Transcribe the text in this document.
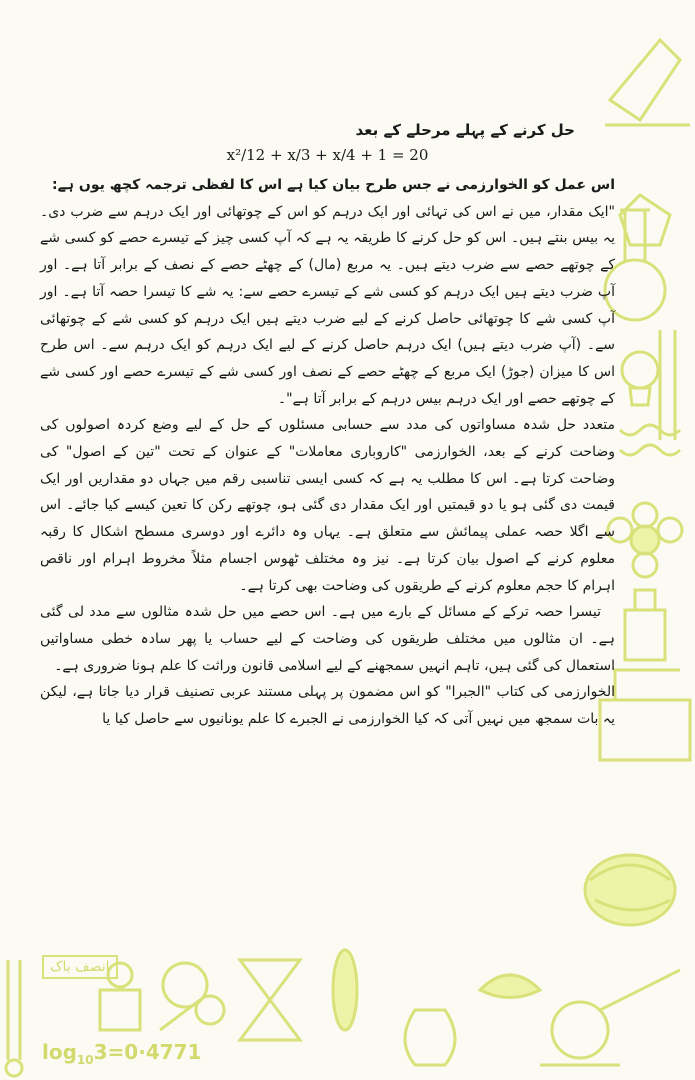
انصف باک
$\log_{10}3=0\cdot 4771$

حل کرنے کے پہلے مرحلے کے بعد

x²/12 + x/3 + x/4 + 1 = 20

اس عمل کو الخوارزمی نے جس طرح بیان کیا ہے اس کا لفظی ترجمہ کچھ یوں ہے:

"ایک مقدار، میں نے اس کی تہائی اور ایک درہم کو اس کے چوتھائی اور ایک درہم سے ضرب دی۔ یہ بیس بنتے ہیں۔ اس کو حل کرنے کا طریقہ یہ ہے کہ آپ کسی چیز کے تیسرے حصے کو کسی شے کے چوتھے حصے سے ضرب دیتے ہیں۔ یہ مربع (مال) کے چھٹے حصے کے نصف کے برابر آتا ہے۔ اور آپ ضرب دیتے ہیں ایک درہم کو کسی شے کے تیسرے حصے سے: یہ شے کا تیسرا حصہ آتا ہے۔ اور آپ کسی شے کا چوتھائی حاصل کرنے کے لیے ضرب دیتے ہیں ایک درہم کو کسی شے کے چوتھائی سے۔ (آپ ضرب دیتے ہیں) ایک درہم حاصل کرنے کے لیے ایک درہم کو ایک درہم سے۔ اس طرح اس کا میزان (جوڑ) ایک مربع کے چھٹے حصے کے نصف اور کسی شے کے تیسرے حصے اور کسی شے کے چوتھے حصے اور ایک درہم بیس درہم کے برابر آتا ہے"۔

متعدد حل شدہ مساواتوں کی مدد سے حسابی مسئلوں کے حل کے لیے وضع کردہ اصولوں کی وضاحت کرنے کے بعد، الخوارزمی "کاروباری معاملات" کے عنوان کے تحت "تین کے اصول" کی وضاحت کرتا ہے۔ اس کا مطلب یہ ہے کہ کسی ایسی تناسبی رقم میں جہاں دو مقداریں اور ایک قیمت دی گئی ہو یا دو قیمتیں اور ایک مقدار دی گئی ہو، چوتھے رکن کا تعین کیسے کیا جائے۔ اس سے اگلا حصہ عملی پیمائش سے متعلق ہے۔ یہاں وہ دائرے اور دوسری مسطح اشکال کا رقبہ معلوم کرنے کے اصول بیان کرتا ہے۔ نیز وہ مختلف ٹھوس اجسام مثلاً مخروط اہرام اور ناقص اہرام کا حجم معلوم کرنے کے طریقوں کی وضاحت بھی کرتا ہے۔

تیسرا حصہ ترکے کے مسائل کے بارے میں ہے۔ اس حصے میں حل شدہ مثالوں سے مدد لی گئی ہے۔ ان مثالوں میں مختلف طریقوں کی وضاحت کے لیے حساب یا پھر سادہ خطی مساواتیں استعمال کی گئی ہیں، تاہم انہیں سمجھنے کے لیے اسلامی قانون وراثت کا علم ہونا ضروری ہے۔

الخوارزمی کی کتاب "الجبرا" کو اس مضمون پر پہلی مستند عربی تصنیف قرار دیا جاتا ہے، لیکن یہ بات سمجھ میں نہیں آتی کہ کیا الخوارزمی نے الجبرے کا علم یونانیوں سے حاصل کیا یا
